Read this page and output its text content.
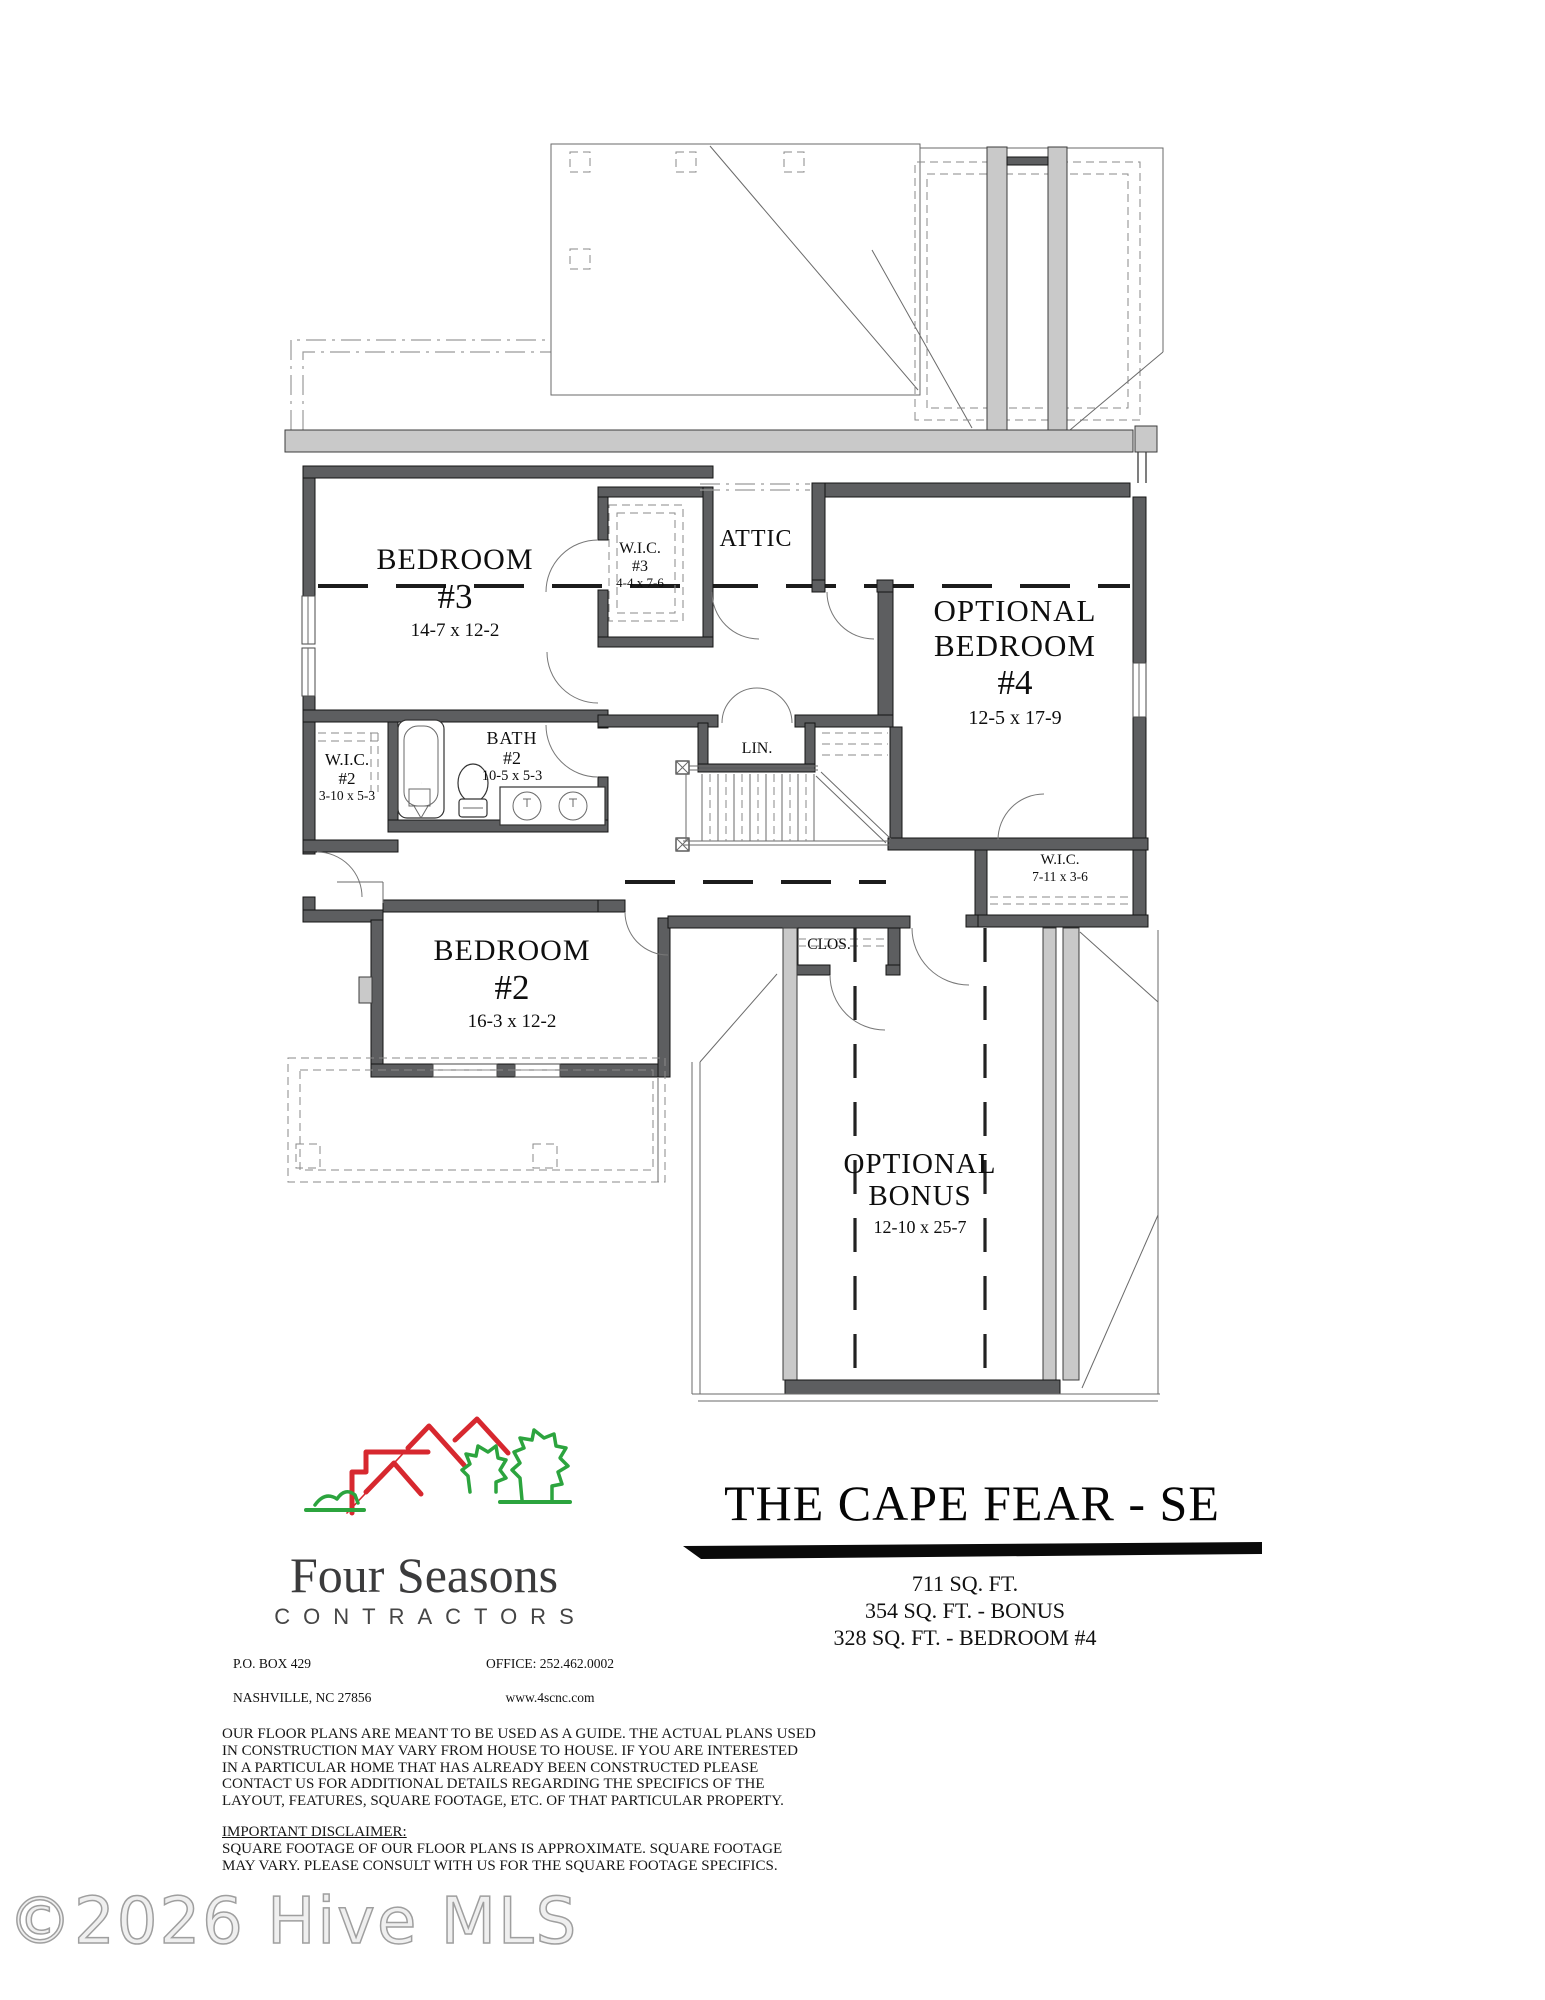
BEDROOM
#3
14-7 x 12-2
W.I.C.
#3
4-4 x 7-6
ATTIC
OPTIONAL
BEDROOM
#4
12-5 x 17-9
W.I.C.
#2
3-10 x 5-3
BATH
#2
10-5 x 5-3
LIN.
BEDROOM
#2
16-3 x 12-2
W.I.C.
7-11 x 3-6
CLOS.
OPTIONAL
BONUS
12-10 x 25-7
THE CAPE FEAR - SE
711 SQ. FT.
354 SQ. FT. - BONUS
328 SQ. FT. - BEDROOM #4
Four Seasons
CONTRACTORS

P.O. BOX 429

NASHVILLE, NC 27856

OFFICE: 252.462.0002

www.4scnc.com

OUR FLOOR PLANS ARE MEANT TO BE USED AS A GUIDE. THE ACTUAL PLANS USED
IN CONSTRUCTION MAY VARY FROM HOUSE TO HOUSE. IF YOU ARE INTERESTED
IN A PARTICULAR HOME THAT HAS ALREADY BEEN CONSTRUCTED PLEASE
CONTACT US FOR ADDITIONAL DETAILS REGARDING THE SPECIFICS OF THE
LAYOUT, FEATURES, SQUARE FOOTAGE, ETC. OF THAT PARTICULAR PROPERTY.
IMPORTANT DISCLAIMER:
SQUARE FOOTAGE OF OUR FLOOR PLANS IS APPROXIMATE. SQUARE FOOTAGE
MAY VARY. PLEASE CONSULT WITH US FOR THE SQUARE FOOTAGE SPECIFICS.
©2026 Hive MLS
